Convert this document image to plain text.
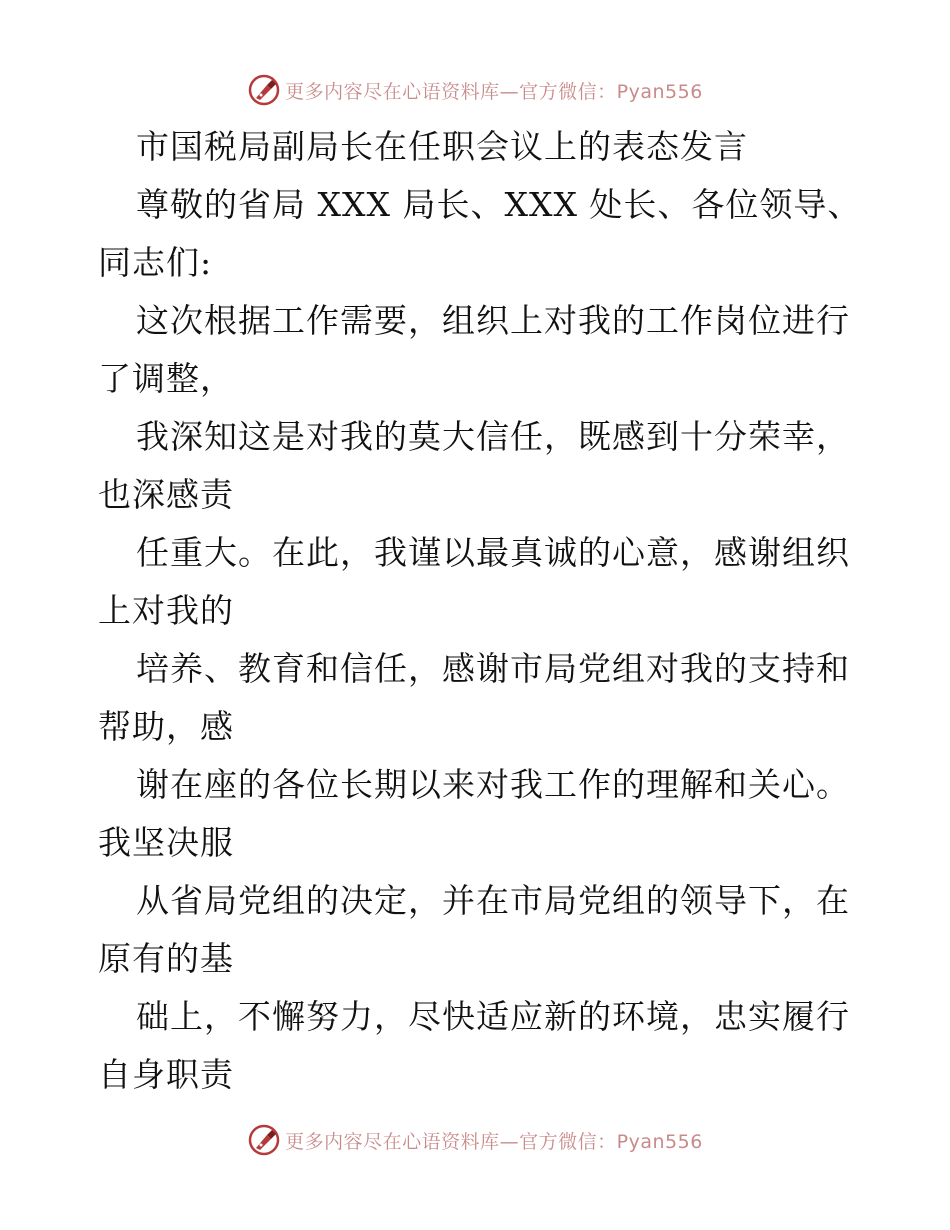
更多内容尽在心语资料库—官方微信：Pyan556
市国税局副局长在任职会议上的表态发言
尊敬的省局 XXX 局长、XXX 处长、各位领导、
同志们:
这次根据工作需要，组织上对我的工作岗位进行
了调整，
我深知这是对我的莫大信任，既感到十分荣幸，
也深感责
任重大。在此，我谨以最真诚的心意，感谢组织
上对我的
培养、教育和信任，感谢市局党组对我的支持和
帮助，感
谢在座的各位长期以来对我工作的理解和关心。
我坚决服
从省局党组的决定，并在市局党组的领导下，在
原有的基
础上，不懈努力，尽快适应新的环境，忠实履行
自身职责
更多内容尽在心语资料库—官方微信：Pyan556
